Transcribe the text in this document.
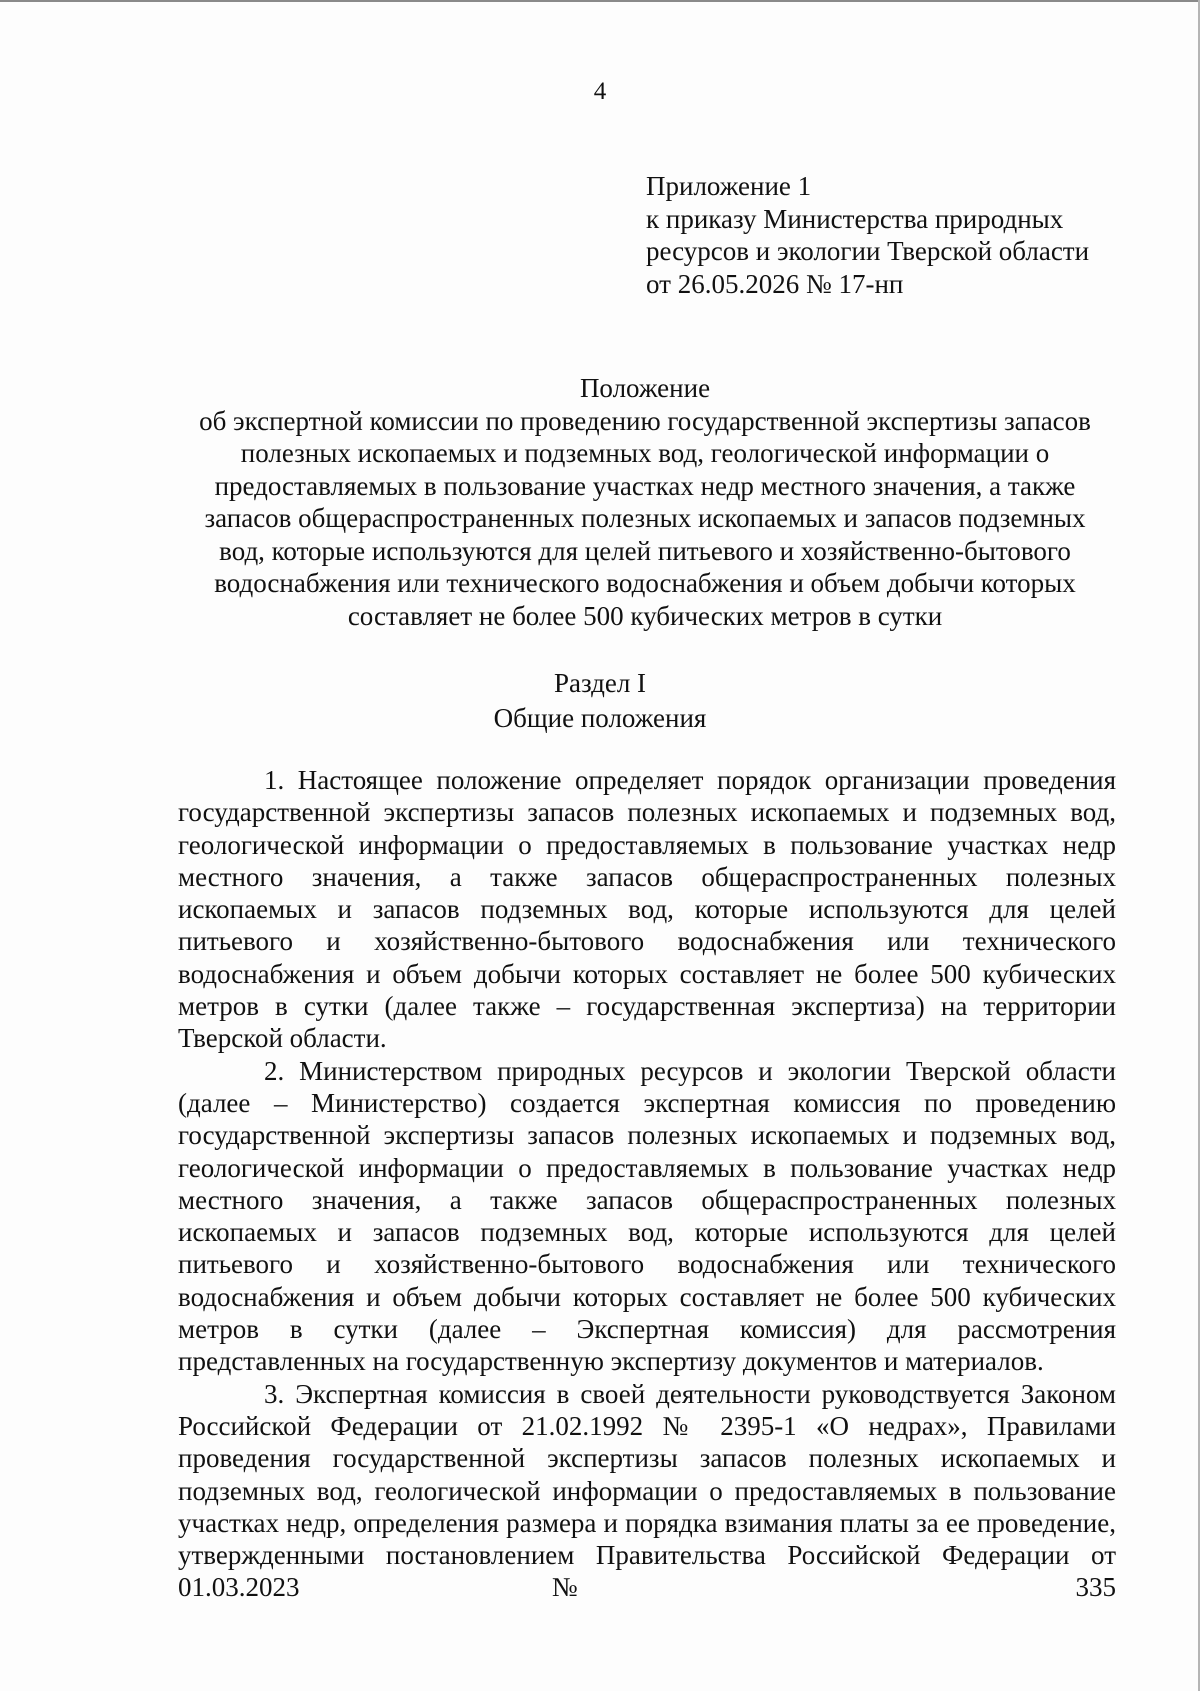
4
Приложение 1
к приказу Министерства природных
ресурсов и экологии Тверской области
от 26.05.2026 № 17-нп
Положение
об экспертной комиссии по проведению государственной экспертизы запасов
полезных ископаемых и подземных вод, геологической информации о
предоставляемых в пользование участках недр местного значения, а также
запасов общераспространенных полезных ископаемых и запасов подземных
вод, которые используются для целей питьевого и хозяйственно-бытового
водоснабжения или технического водоснабжения и объем добычи которых
составляет не более 500 кубических метров в сутки
Раздел I
Общие положения

1. Настоящее положение определяет порядок организации проведения государственной экспертизы запасов полезных ископаемых и подземных вод, геологической информации о предоставляемых в пользование участках недр местного значения, а также запасов общераспространенных полезных ископаемых и запасов подземных вод, которые используются для целей питьевого и хозяйственно-бытового водоснабжения или технического водоснабжения и объем добычи которых составляет не более 500 кубических метров в сутки (далее также – государственная экспертиза) на территории Тверской области.

2. Министерством природных ресурсов и экологии Тверской области (далее – Министерство) создается экспертная комиссия по проведению государственной экспертизы запасов полезных ископаемых и подземных вод, геологической информации о предоставляемых в пользование участках недр местного значения, а также запасов общераспространенных полезных ископаемых и запасов подземных вод, которые используются для целей питьевого и хозяйственно-бытового водоснабжения или технического водоснабжения и объем добычи которых составляет не более 500 кубических метров в сутки (далее – Экспертная комиссия) для рассмотрения представленных на государственную экспертизу документов и материалов.

3. Экспертная комиссия в своей деятельности руководствуется Законом Российской Федерации от 21.02.1992 № 2395-1 «О недрах», Правилами проведения государственной экспертизы запасов полезных ископаемых и подземных вод, геологической информации о предоставляемых в пользование участках недр, определения размера и порядка взимания платы за ее проведение, утвержденными постановлением Правительства Российской Федерации от 01.03.2023 № 335
